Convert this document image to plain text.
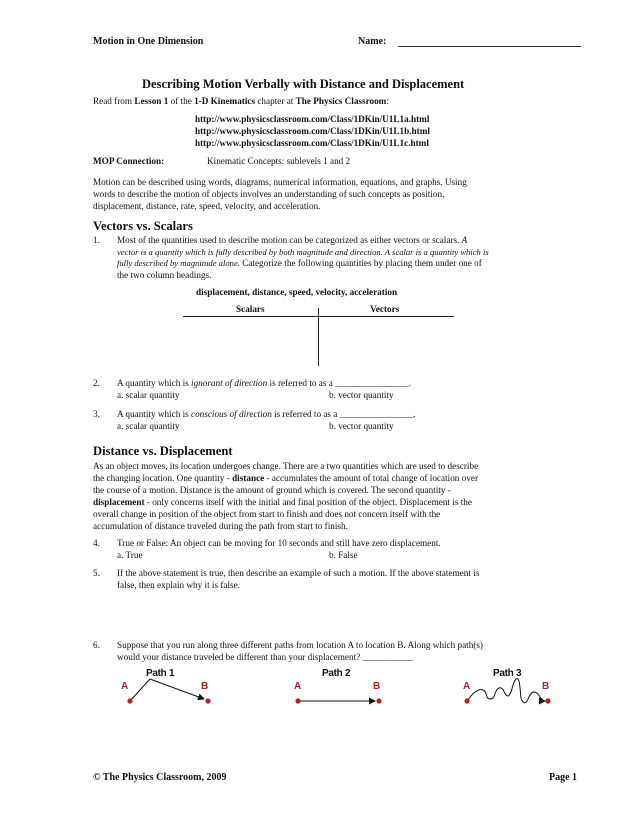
Motion in One Dimension	Name:
Describing Motion Verbally with Distance and Displacement
Read from Lesson 1 of the 1-D Kinematics chapter at The Physics Classroom:
http://www.physicsclassroom.com/Class/1DKin/U1L1a.html
http://www.physicsclassroom.com/Class/1DKin/U1L1b.html
http://www.physicsclassroom.com/Class/1DKin/U1L1c.html
MOP Connection:	Kinematic Concepts: sublevels 1 and 2
Motion can be described using words, diagrams, numerical information, equations, and graphs. Using
words to describe the motion of objects involves an understanding of such concepts as position,
displacement, distance, rate, speed, velocity, and acceleration.
Vectors vs. Scalars
1. Most of the quantities used to describe motion can be categorized as either vectors or scalars. A
vector is a quantity which is fully described by both magnitude and direction. A scalar is a quantity which is
fully described by magnitude alone. Categorize the following quantities by placing them under one of
the two column headings.
displacement, distance, speed, velocity, acceleration
Scalars	Vectors
2. A quantity which is ignorant of direction is referred to as a ________________.
a. scalar quantity	b. vector quantity
3. A quantity which is conscious of direction is referred to as a ________________.
a. scalar quantity	b. vector quantity
Distance vs. Displacement
As an object moves, its location undergoes change. There are a two quantities which are used to describe
the changing location. One quantity - distance - accumulates the amount of total change of location over
the course of a motion. Distance is the amount of ground which is covered. The second quantity -
displacement - only concerns itself with the initial and final position of the object. Displacement is the
overall change in position of the object from start to finish and does not concern itself with the
accumulation of distance traveled during the path from start to finish.
4. True or False: An object can be moving for 10 seconds and still have zero displacement.
a. True	b. False
5. If the above statement is true, then describe an example of such a motion. If the above statement is
false, then explain why it is false.
6. Suppose that you run along three different paths from location A to location B. Along which path(s)
would your distance traveled be different than your displacement? ___________
Path 1	Path 2	Path 3
A	B	A	B	A	B
© The Physics Classroom, 2009	Page 1
